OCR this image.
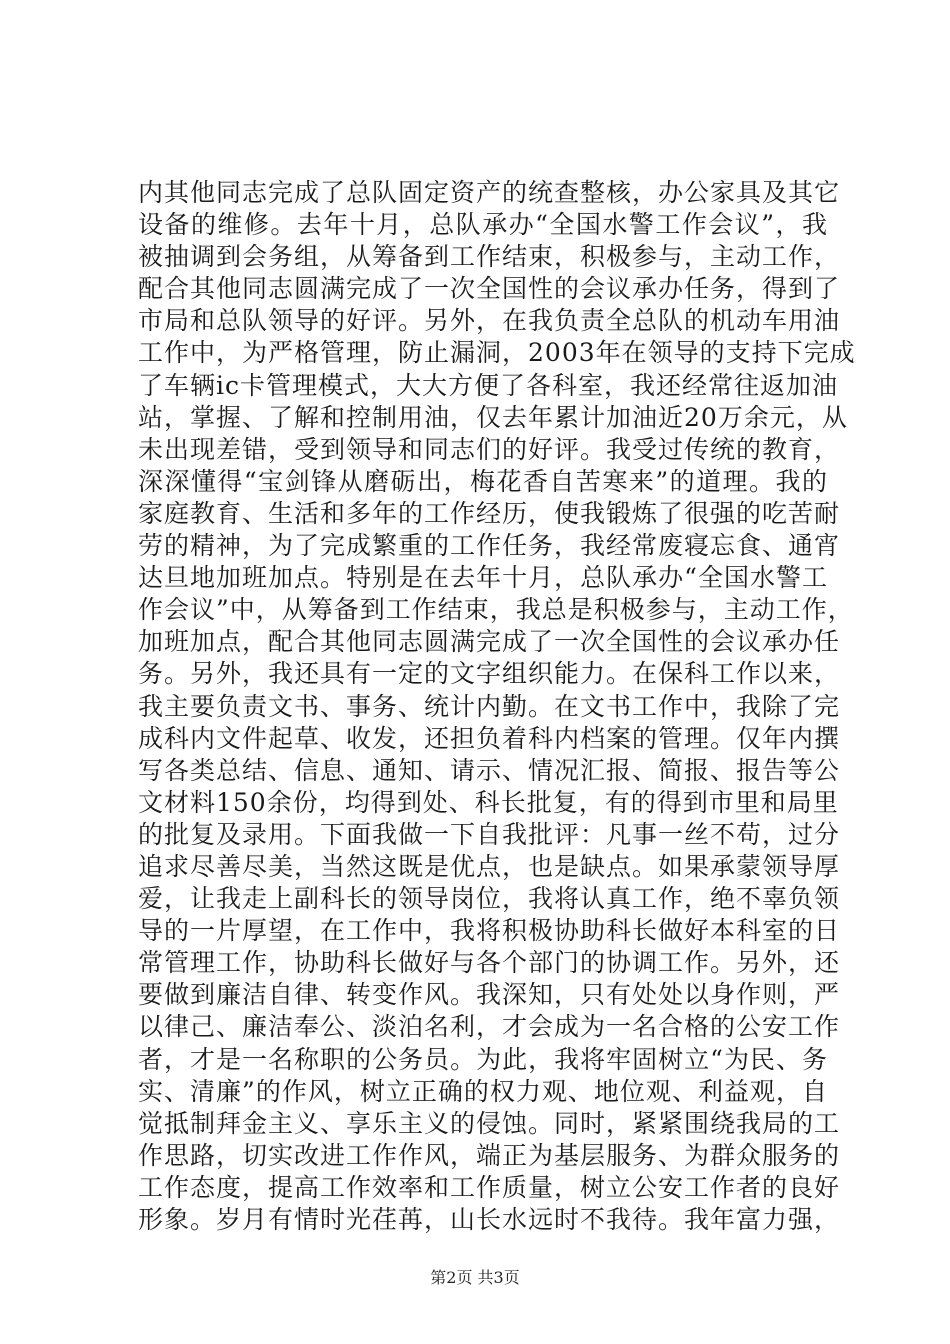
内其他同志完成了总队固定资产的统查整核，办公家具及其它
设备的维修。去年十月，总队承办“全国水警工作会议”，我
被抽调到会务组，从筹备到工作结束，积极参与，主动工作，
配合其他同志圆满完成了一次全国性的会议承办任务，得到了
市局和总队领导的好评。另外，在我负责全总队的机动车用油
工作中，为严格管理，防止漏洞，2003年在领导的支持下完成
了车辆ic卡管理模式，大大方便了各科室，我还经常往返加油
站，掌握、了解和控制用油，仅去年累计加油近20万余元，从
未出现差错，受到领导和同志们的好评。我受过传统的教育，
深深懂得“宝剑锋从磨砺出，梅花香自苦寒来”的道理。我的
家庭教育、生活和多年的工作经历，使我锻炼了很强的吃苦耐
劳的精神，为了完成繁重的工作任务，我经常废寝忘食、通宵
达旦地加班加点。特别是在去年十月，总队承办“全国水警工
作会议”中，从筹备到工作结束，我总是积极参与，主动工作，
加班加点，配合其他同志圆满完成了一次全国性的会议承办任
务。另外，我还具有一定的文字组织能力。在保科工作以来，
我主要负责文书、事务、统计内勤。在文书工作中，我除了完
成科内文件起草、收发，还担负着科内档案的管理。仅年内撰
写各类总结、信息、通知、请示、情况汇报、简报、报告等公
文材料150余份，均得到处、科长批复，有的得到市里和局里
的批复及录用。下面我做一下自我批评：凡事一丝不苟，过分
追求尽善尽美，当然这既是优点，也是缺点。如果承蒙领导厚
爱，让我走上副科长的领导岗位，我将认真工作，绝不辜负领
导的一片厚望，在工作中，我将积极协助科长做好本科室的日
常管理工作，协助科长做好与各个部门的协调工作。另外，还
要做到廉洁自律、转变作风。我深知，只有处处以身作则，严
以律己、廉洁奉公、淡泊名利，才会成为一名合格的公安工作
者，才是一名称职的公务员。为此，我将牢固树立“为民、务
实、清廉”的作风，树立正确的权力观、地位观、利益观，自
觉抵制拜金主义、享乐主义的侵蚀。同时，紧紧围绕我局的工
作思路，切实改进工作作风，端正为基层服务、为群众服务的
工作态度，提高工作效率和工作质量，树立公安工作者的良好
形象。岁月有情时光荏苒，山长水远时不我待。我年富力强，
第2页 共3页
